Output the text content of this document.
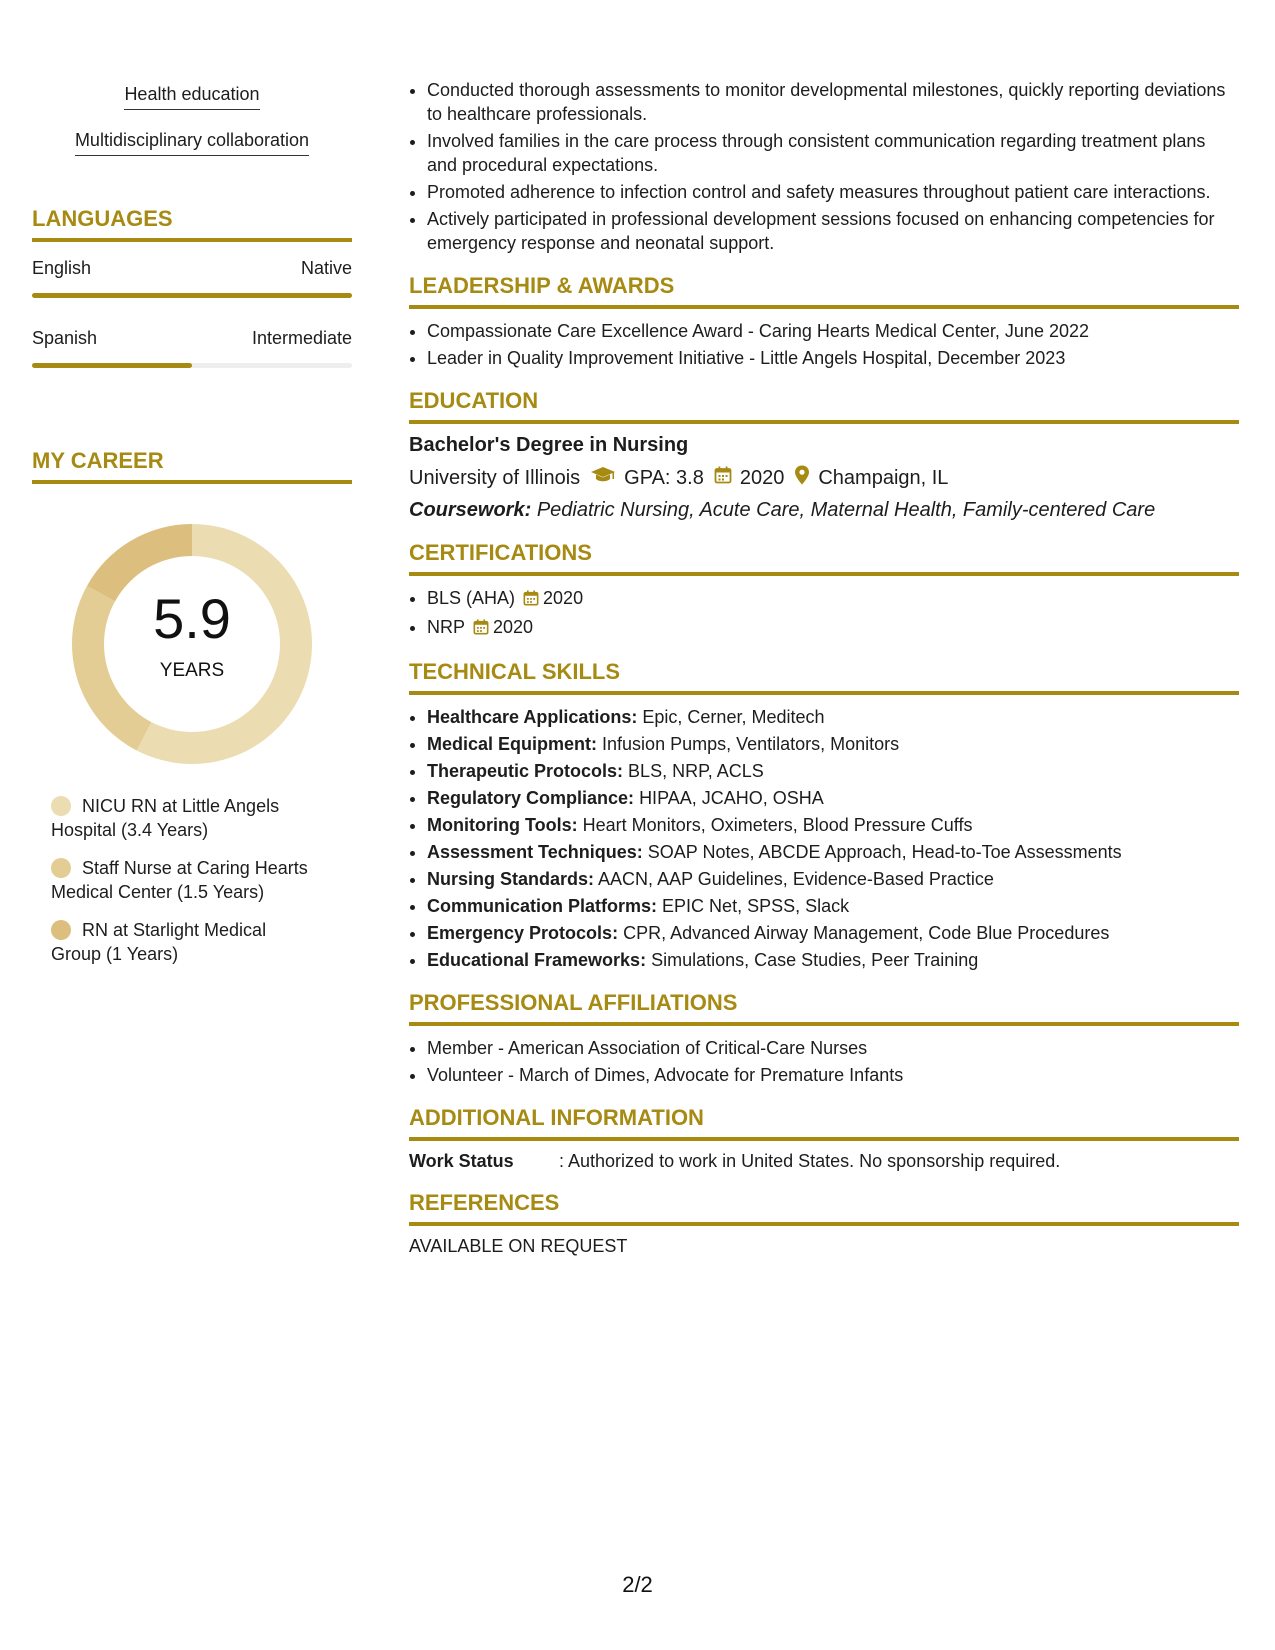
Health education
Multidisciplinary collaboration
LANGUAGES
English	Native
Spanish	Intermediate
MY CAREER
5.9
YEARS
NICU RN at Little Angels Hospital (3.4 Years)
Staff Nurse at Caring Hearts Medical Center (1.5 Years)
RN at Starlight Medical Group (1 Years)
• Conducted thorough assessments to monitor developmental milestones, quickly reporting deviations to healthcare professionals.
• Involved families in the care process through consistent communication regarding treatment plans and procedural expectations.
• Promoted adherence to infection control and safety measures throughout patient care interactions.
• Actively participated in professional development sessions focused on enhancing competencies for emergency response and neonatal support.
LEADERSHIP & AWARDS
• Compassionate Care Excellence Award - Caring Hearts Medical Center, June 2022
• Leader in Quality Improvement Initiative - Little Angels Hospital, December 2023
EDUCATION
Bachelor's Degree in Nursing
University of Illinois GPA: 3.8 2020 Champaign, IL
Coursework: Pediatric Nursing, Acute Care, Maternal Health, Family-centered Care
CERTIFICATIONS
• BLS (AHA) 2020
• NRP 2020
TECHNICAL SKILLS
• Healthcare Applications: Epic, Cerner, Meditech
• Medical Equipment: Infusion Pumps, Ventilators, Monitors
• Therapeutic Protocols: BLS, NRP, ACLS
• Regulatory Compliance: HIPAA, JCAHO, OSHA
• Monitoring Tools: Heart Monitors, Oximeters, Blood Pressure Cuffs
• Assessment Techniques: SOAP Notes, ABCDE Approach, Head-to-Toe Assessments
• Nursing Standards: AACN, AAP Guidelines, Evidence-Based Practice
• Communication Platforms: EPIC Net, SPSS, Slack
• Emergency Protocols: CPR, Advanced Airway Management, Code Blue Procedures
• Educational Frameworks: Simulations, Case Studies, Peer Training
PROFESSIONAL AFFILIATIONS
• Member - American Association of Critical-Care Nurses
• Volunteer - March of Dimes, Advocate for Premature Infants
ADDITIONAL INFORMATION
Work Status	: Authorized to work in United States. No sponsorship required.
REFERENCES
AVAILABLE ON REQUEST
2/2
